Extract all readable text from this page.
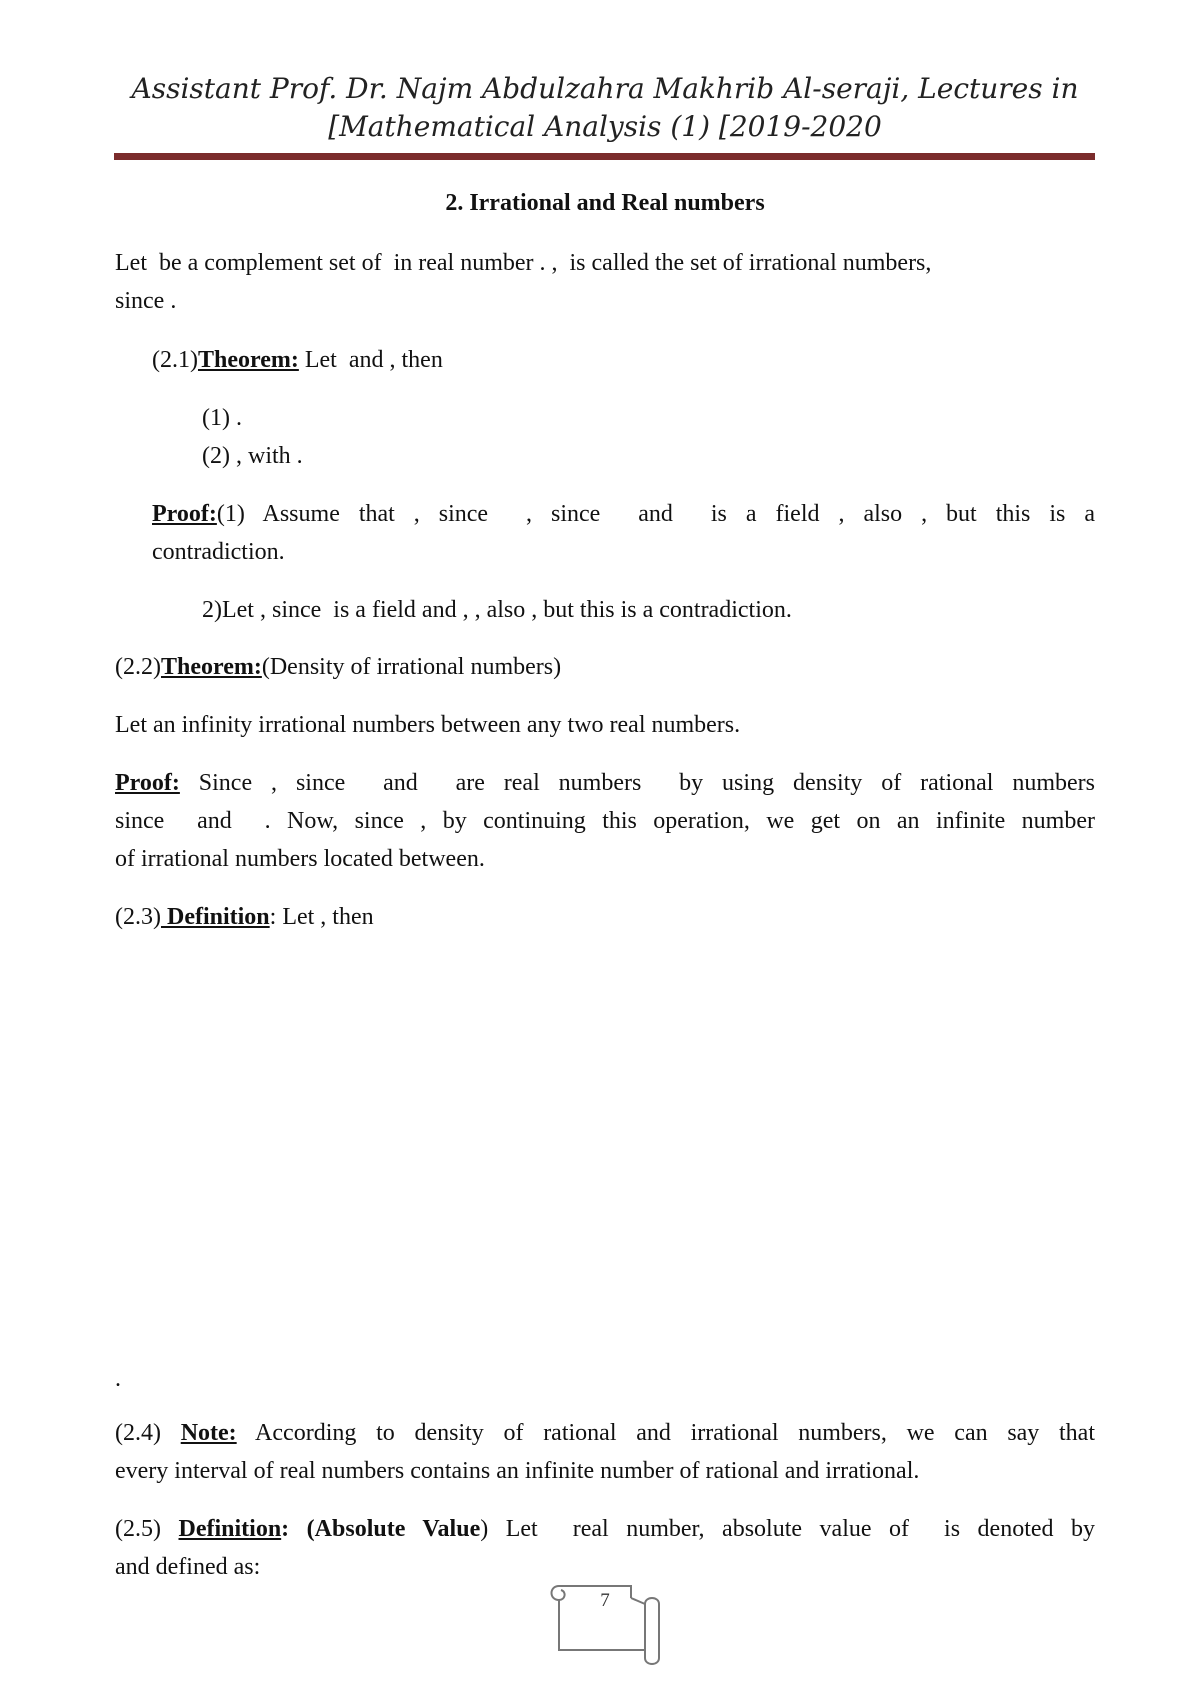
Assistant Prof. Dr. Najm Abdulzahra Makhrib Al-seraji, Lectures in
[Mathematical Analysis (1) [2019-2020
2. Irrational and Real numbers
Let  be a complement set of  in real number . ,  is called the set of irrational numbers,
since .
(2.1)Theorem: Let  and , then
(1) .
(2) , with .
Proof:(1) Assume that , since  , since  and  is a field , also , but this is a
contradiction.
2)Let , since  is a field and , , also , but this is a contradiction.
(2.2)Theorem:(Density of irrational numbers)
Let an infinity irrational numbers between any two real numbers.
Proof: Since , since  and  are real numbers  by using density of rational numbers
since  and  . Now, since , by continuing this operation, we get on an infinite number
of irrational numbers located between.
(2.3) Definition: Let , then
.
(2.4) Note: According to density of rational and irrational numbers, we can say that
every interval of real numbers contains an infinite number of rational and irrational.
(2.5) Definition: (Absolute Value) Let  real number, absolute value of  is denoted by
and defined as:
7
